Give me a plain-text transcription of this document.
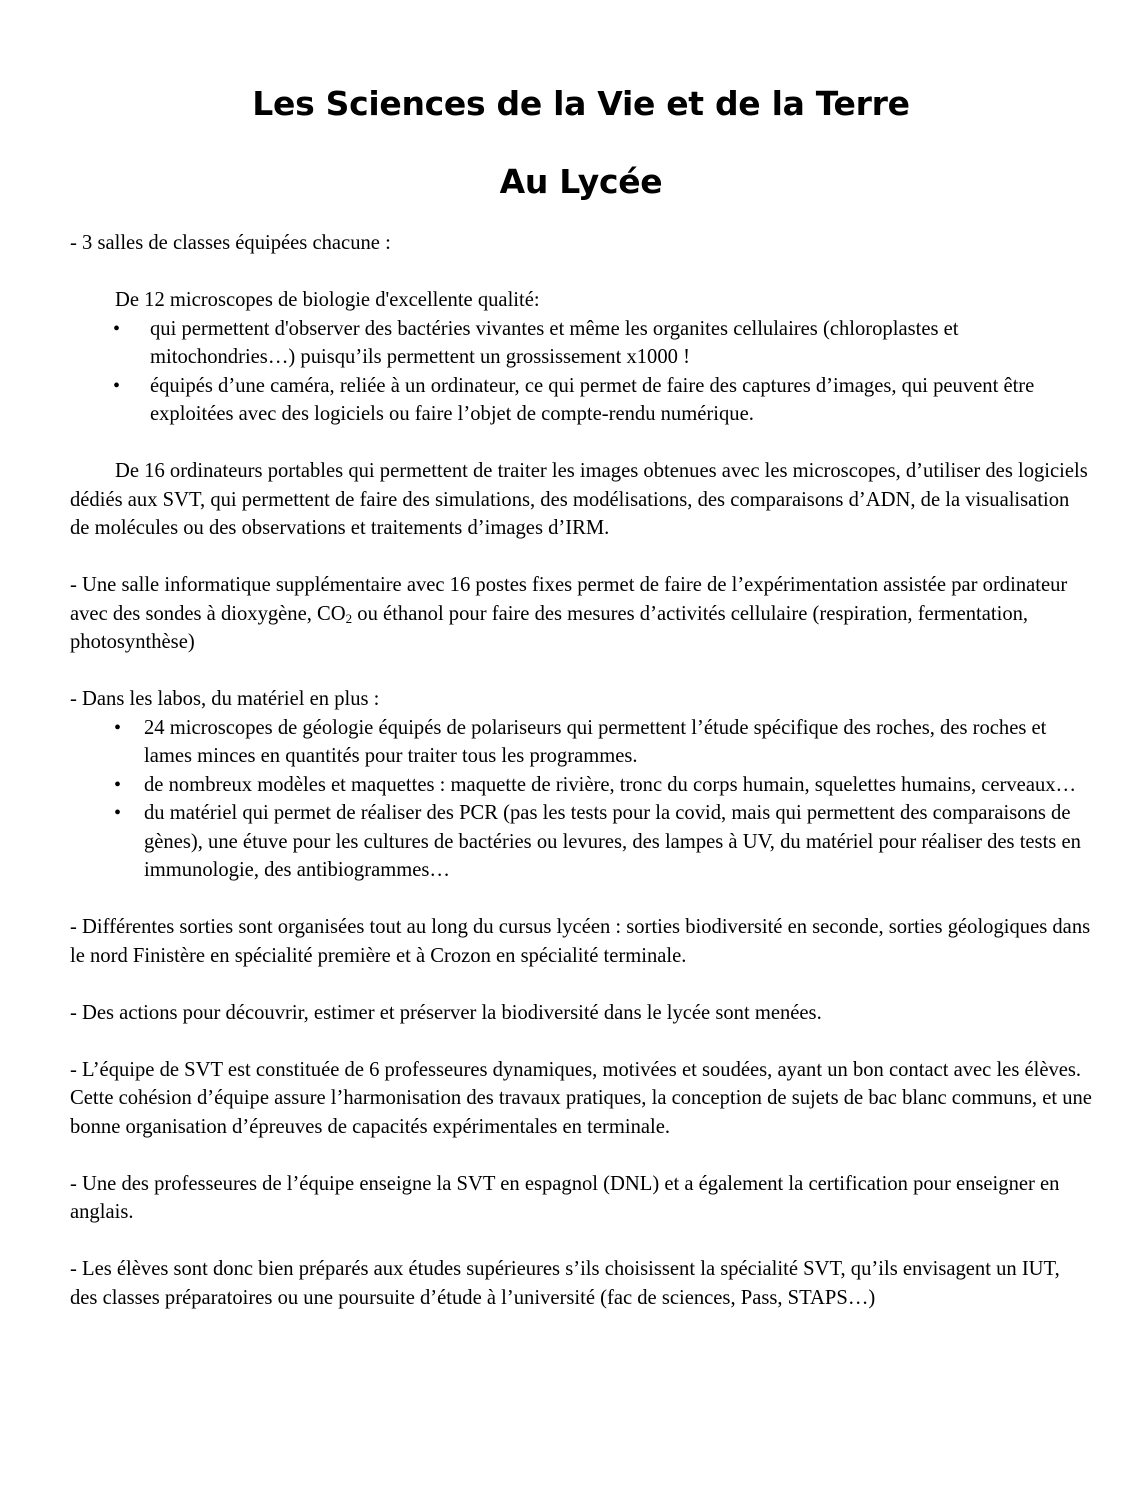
Les Sciences de la Vie et de la Terre
Au Lycée

- 3 salles de classes équipées chacune :

De 12 microscopes de biologie d'excellente qualité:

• qui permettent d'observer des bactéries vivantes et même les organites cellulaires (chloroplastes et mitochondries…) puisqu’ils permettent un grossissement x1000 !
• équipés d’une caméra, reliée à un ordinateur, ce qui permet de faire des captures d’images, qui peuvent être exploitées avec des logiciels ou faire l’objet de compte-rendu numérique.

De 16 ordinateurs portables qui permettent de traiter les images obtenues avec les microscopes, d’utiliser des logiciels dédiés aux SVT, qui permettent de faire des simulations, des modélisations, des comparaisons d’ADN, de la visualisation de molécules ou des observations et traitements d’images d’IRM.

- Une salle informatique supplémentaire avec 16 postes fixes permet de faire de l’expérimentation assistée par ordinateur avec des sondes à dioxygène, $CO_2$ ou éthanol pour faire des mesures d’activités cellulaire (respiration, fermentation, photosynthèse)

- Dans les labos, du matériel en plus :

• 24 microscopes de géologie équipés de polariseurs qui permettent l’étude spécifique des roches, des roches et lames minces en quantités pour traiter tous les programmes.
• de nombreux modèles et maquettes : maquette de rivière, tronc du corps humain, squelettes humains, cerveaux…
• du matériel qui permet de réaliser des PCR (pas les tests pour la covid, mais qui permettent des comparaisons de gènes), une étuve pour les cultures de bactéries ou levures, des lampes à UV, du matériel pour réaliser des tests en immunologie, des antibiogrammes…

- Différentes sorties sont organisées tout au long du cursus lycéen : sorties biodiversité en seconde, sorties géologiques dans le nord Finistère en spécialité première et à Crozon en spécialité terminale.

- Des actions pour découvrir, estimer et préserver la biodiversité dans le lycée sont menées.

- L’équipe de SVT est constituée de 6 professeures dynamiques, motivées et soudées, ayant un bon contact avec les élèves. Cette cohésion d’équipe assure l’harmonisation des travaux pratiques, la conception de sujets de bac blanc communs, et une bonne organisation d’épreuves de capacités expérimentales en terminale.

- Une des professeures de l’équipe enseigne la SVT en espagnol (DNL) et a également la certification pour enseigner en anglais.

- Les élèves sont donc bien préparés aux études supérieures s’ils choisissent la spécialité SVT, qu’ils envisagent un IUT, des classes préparatoires ou une poursuite d’étude à l’université (fac de sciences, Pass, STAPS…)
